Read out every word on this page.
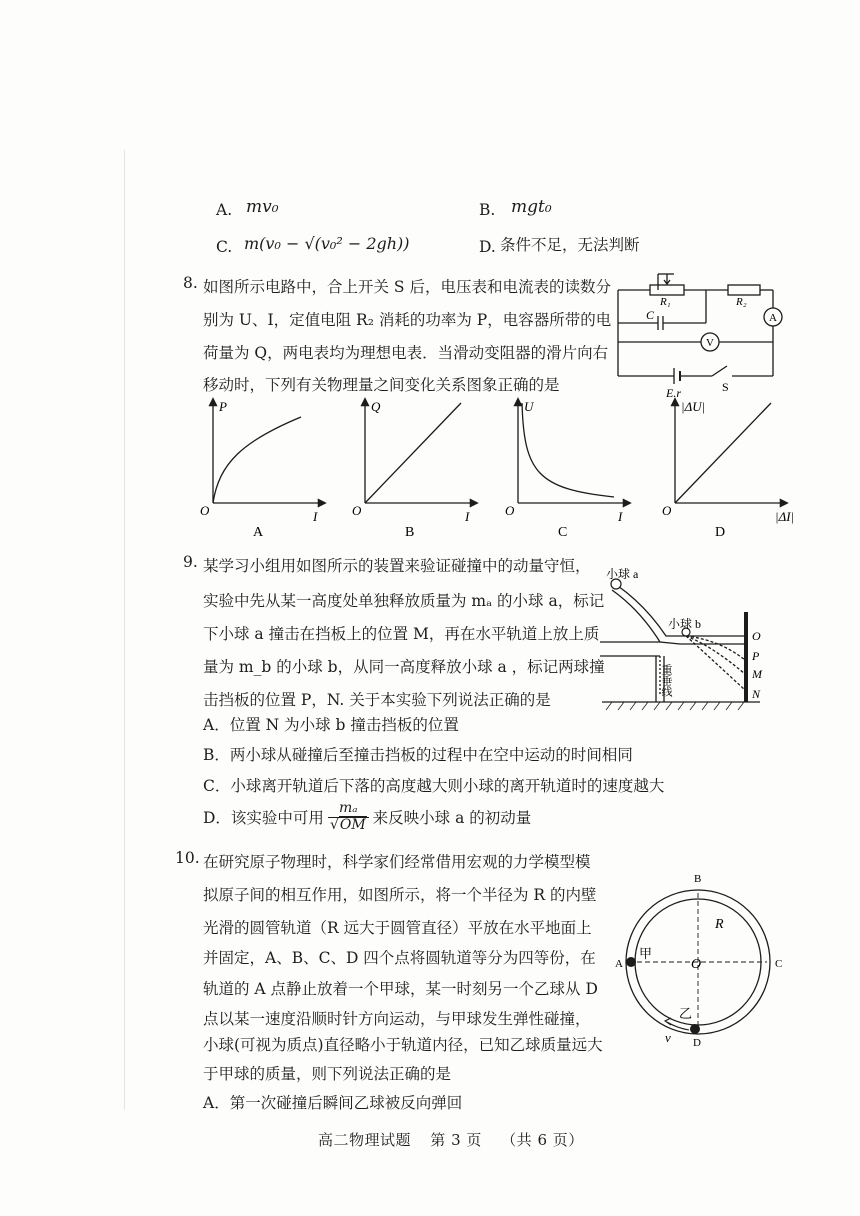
A. mv₀	B. mgt₀
C. m(v₀ − √(v₀² − 2gh))	D. 条件不足，无法判断
8. 如图所示电路中，合上开关 S 后，电压表和电流表的读数分
别为 U、I，定值电阻 R₂ 消耗的功率为 P，电容器所带的电
荷量为 Q，两电表均为理想电表．当滑动变阻器的滑片向右
移动时，下列有关物理量之间变化关系图象正确的是
R₁	R₂
C	A
V
E.r	S
P
I
O
A
Q
I
O
B
U
I
O
C
|ΔU|
|ΔI|
O
D
9. 某学习小组用如图所示的装置来验证碰撞中的动量守恒，
实验中先从某一高度处单独释放质量为 mₐ 的小球 a，标记
下小球 a 撞击在挡板上的位置 M，再在水平轨道上放上质
量为 m_b 的小球 b，从同一高度释放小球 a ，标记两球撞
击挡板的位置 P，N. 关于本实验下列说法正确的是
A．位置 N 为小球 b 撞击挡板的位置
B．两小球从碰撞后至撞击挡板的过程中在空中运动的时间相同
C．小球离开轨道后下落的高度越大则小球的离开轨道时的速度越大
D．该实验中可用 $\frac{\text{mₐ}}{√OM}$ 来反映小球 a 的初动量
小球 a
小球 b
重垂线
O
P
M
N
10. 在研究原子物理时，科学家们经常借用宏观的力学模型模
拟原子间的相互作用，如图所示，将一个半径为 R 的内壁
光滑的圆管轨道（R 远大于圆管直径）平放在水平地面上
并固定，A、B、C、D 四个点将圆轨道等分为四等份，在
轨道的 A 点静止放着一个甲球，某一时刻另一个乙球从 D
点以某一速度沿顺时针方向运动，与甲球发生弹性碰撞，
小球(可视为质点)直径略小于轨道内径，已知乙球质量远大
于甲球的质量，则下列说法正确的是
A．第一次碰撞后瞬间乙球被反向弹回
A
B
C
D
R
O
甲
乙
v
高二物理试题 第 3 页 （共 6 页）
